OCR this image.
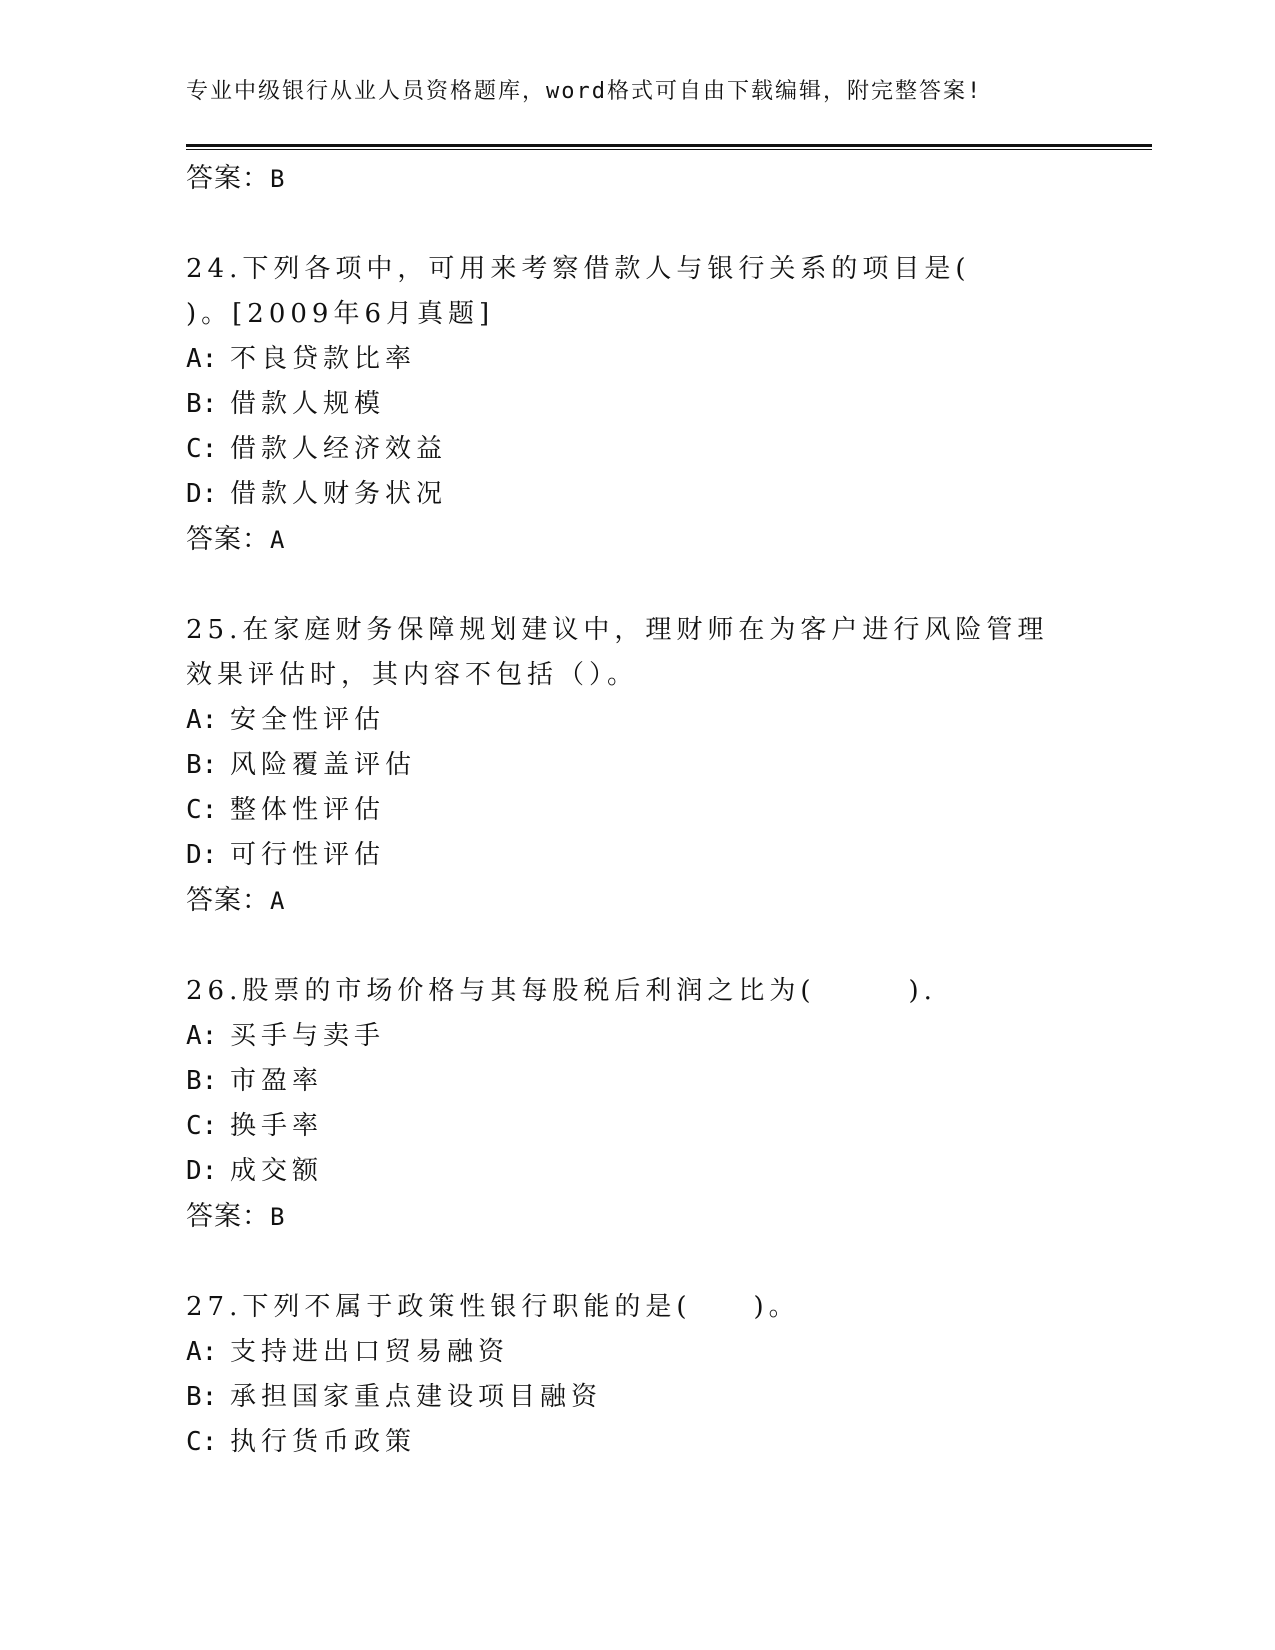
专业中级银行从业人员资格题库，word格式可自由下载编辑，附完整答案!
答案：B
24.下列各项中，可用来考察借款人与银行关系的项目是( )。[2009年6月真题]
A: 不良贷款比率
B: 借款人规模
C: 借款人经济效益
D: 借款人财务状况
答案：A
25.在家庭财务保障规划建议中，理财师在为客户进行风险管理效果评估时，其内容不包括（）。
A: 安全性评估
B: 风险覆盖评估
C: 整体性评估
D: 可行性评估
答案：A
26.股票的市场价格与其每股税后利润之比为(　　　).
A: 买手与卖手
B: 市盈率
C: 换手率
D: 成交额
答案：B
27.下列不属于政策性银行职能的是(　　)。
A: 支持进出口贸易融资
B: 承担国家重点建设项目融资
C: 执行货币政策
